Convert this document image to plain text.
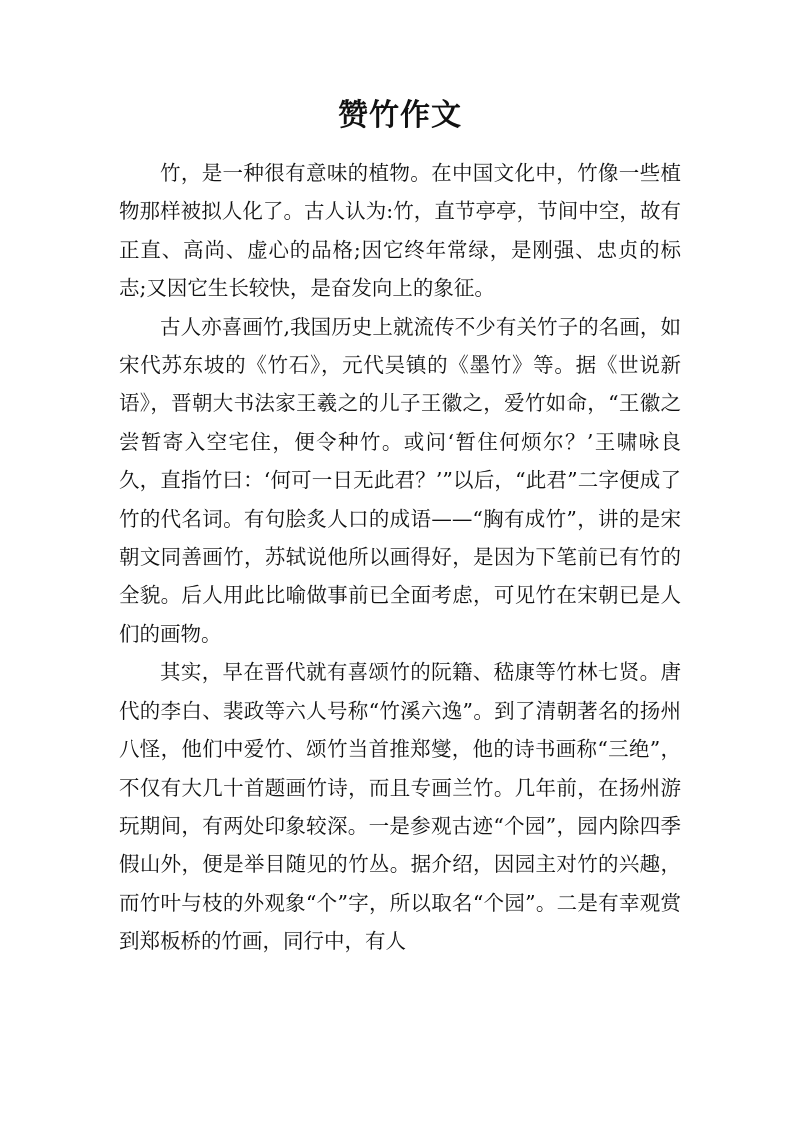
赞竹作文

竹，是一种很有意味的植物。在中国文化中，竹像一些植物那样被拟人化了。古人认为:竹，直节亭亭，节间中空，故有正直、高尚、虚心的品格;因它终年常绿，是刚强、忠贞的标志;又因它生长较快，是奋发向上的象征。

古人亦喜画竹,我国历史上就流传不少有关竹子的名画，如宋代苏东坡的《竹石》，元代吴镇的《墨竹》等。据《世说新语》，晋朝大书法家王羲之的儿子王徽之，爱竹如命，“王徽之尝暂寄入空宅住，便令种竹。或问‘暂住何烦尔？’王啸咏良久，直指竹曰：‘何可一日无此君？’”以后，“此君”二字便成了竹的代名词。有句脍炙人口的成语——“胸有成竹”，讲的是宋朝文同善画竹，苏轼说他所以画得好，是因为下笔前已有竹的全貌。后人用此比喻做事前已全面考虑，可见竹在宋朝已是人们的画物。

其实，早在晋代就有喜颂竹的阮籍、嵇康等竹林七贤。唐代的李白、裴政等六人号称“竹溪六逸”。到了清朝著名的扬州八怪，他们中爱竹、颂竹当首推郑燮，他的诗书画称“三绝”，不仅有大几十首题画竹诗，而且专画兰竹。几年前，在扬州游玩期间，有两处印象较深。一是参观古迹“个园”，园内除四季假山外，便是举目随见的竹丛。据介绍，因园主对竹的兴趣，而竹叶与枝的外观象“个”字，所以取名“个园”。二是有幸观赏到郑板桥的竹画，同行中，有人
